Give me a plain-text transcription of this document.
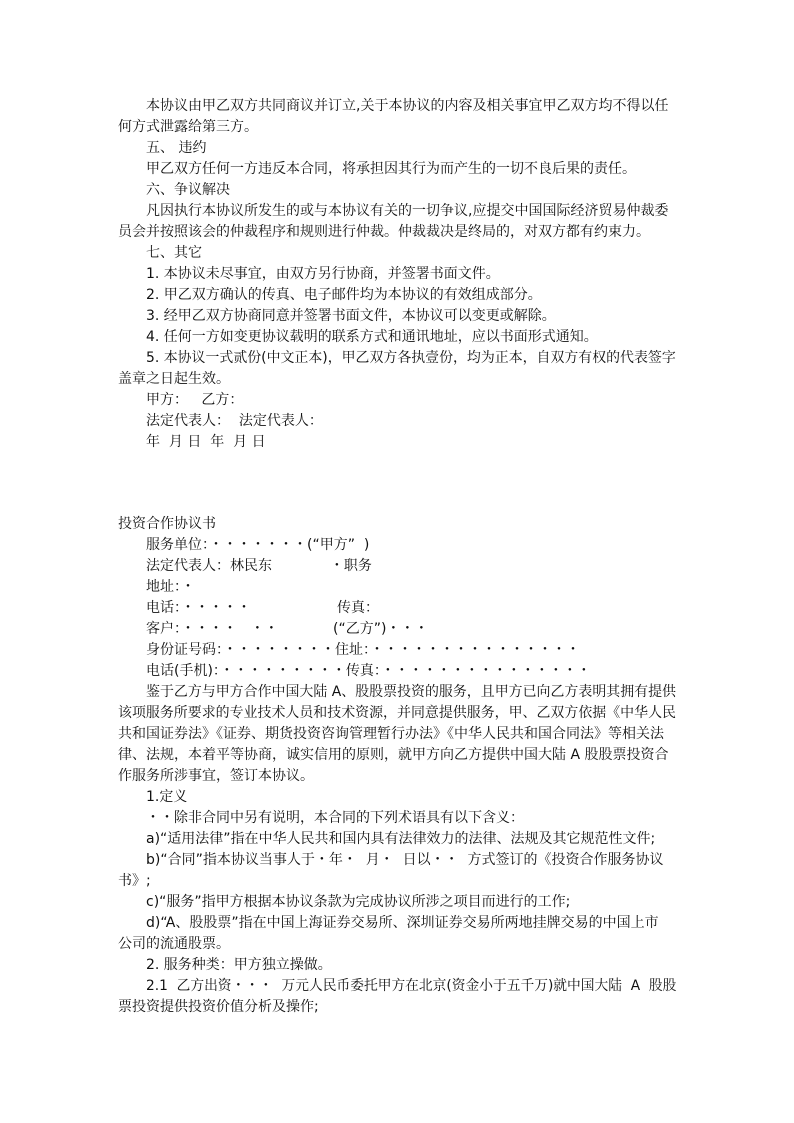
本协议由甲乙双方共同商议并订立,关于本协议的内容及相关事宜甲乙双方均不得以任
何方式泄露给第三方。
五、 违约
甲乙双方任何一方违反本合同，将承担因其行为而产生的一切不良后果的责任。
六、争议解决
凡因执行本协议所发生的或与本协议有关的一切争议,应提交中国国际经济贸易仲裁委
员会并按照该会的仲裁程序和规则进行仲裁。仲裁裁决是终局的，对双方都有约束力。
七、其它
1. 本协议未尽事宜，由双方另行协商，并签署书面文件。
2. 甲乙双方确认的传真、电子邮件均为本协议的有效组成部分。
3. 经甲乙双方协商同意并签署书面文件，本协议可以变更或解除。
4. 任何一方如变更协议载明的联系方式和通讯地址，应以书面形式通知。
5. 本协议一式贰份(中文正本)，甲乙双方各执壹份，均为正本，自双方有权的代表签字
盖章之日起生效。
甲方：   乙方：
法定代表人：  法定代表人：
年  月 日  年  月 日
投资合作协议书
服务单位：・・・・・・・(“甲方”  )
法定代表人：林民东             ・职务
地址：・
电话：・・・・・	传真：
客户：・・・・   ・・	(“乙方”)・・・
身份证号码：・・・・・・・・住址：・・・・・・・・・・・・・・・
电话(手机)：・・・・・・・・・传真：・・・・・・・・・・・・・・・
鉴于乙方与甲方合作中国大陆 A、股股票投资的服务，且甲方已向乙方表明其拥有提供
该项服务所要求的专业技术人员和技术资源，并同意提供服务，甲、乙双方依据《中华人民
共和国证券法》《证券、期货投资咨询管理暂行办法》《中华人民共和国合同法》等相关法
律、法规，本着平等协商，诚实信用的原则，就甲方向乙方提供中国大陆 A 股股票投资合
作服务所涉事宜，签订本协议。
1.定义
・・除非合同中另有说明，本合同的下列术语具有以下含义：
a)“适用法律”指在中华人民共和国内具有法律效力的法律、法规及其它规范性文件;
b)“合同”指本协议当事人于・年・  月・  日以・・  方式签订的《投资合作服务协议
书》;
c)“服务”指甲方根据本协议条款为完成协议所涉之项目而进行的工作;
d)“A、股股票”指在中国上海证券交易所、深圳证券交易所两地挂牌交易的中国上市
公司的流通股票。
2. 服务种类：甲方独立操做。
2.1  乙方出资・・・  万元人民币委托甲方在北京(资金小于五千万)就中国大陆  A  股股
票投资提供投资价值分析及操作;
